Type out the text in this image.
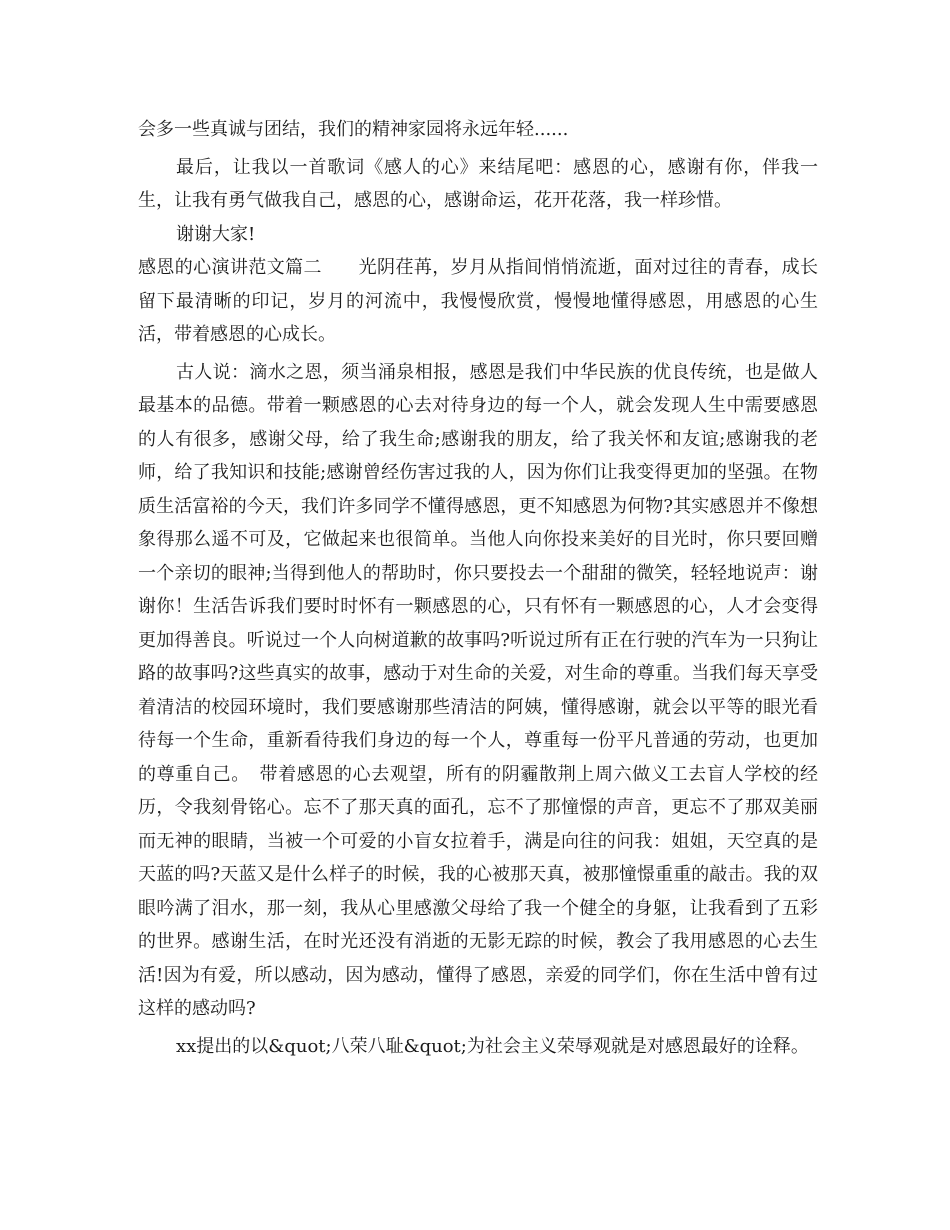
会多一些真诚与团结，我们的精神家园将永远年轻......

最后，让我以一首歌词《感人的心》来结尾吧：感恩的心，感谢有你，伴我一生，让我有勇气做我自己，感恩的心，感谢命运，花开花落，我一样珍惜。

谢谢大家!

感恩的心演讲范文篇二　　光阴荏苒，岁月从指间悄悄流逝，面对过往的青春，成长留下最清晰的印记，岁月的河流中，我慢慢欣赏，慢慢地懂得感恩，用感恩的心生活，带着感恩的心成长。

古人说：滴水之恩，须当涌泉相报，感恩是我们中华民族的优良传统，也是做人最基本的品德。带着一颗感恩的心去对待身边的每一个人，就会发现人生中需要感恩的人有很多，感谢父母，给了我生命;感谢我的朋友，给了我关怀和友谊;感谢我的老师，给了我知识和技能;感谢曾经伤害过我的人，因为你们让我变得更加的坚强。在物质生活富裕的今天，我们许多同学不懂得感恩，更不知感恩为何物?其实感恩并不像想象得那么遥不可及，它做起来也很简单。当他人向你投来美好的目光时，你只要回赠一个亲切的眼神;当得到他人的帮助时，你只要投去一个甜甜的微笑，轻轻地说声：谢谢你！生活告诉我们要时时怀有一颗感恩的心，只有怀有一颗感恩的心，人才会变得更加得善良。听说过一个人向树道歉的故事吗?听说过所有正在行驶的汽车为一只狗让路的故事吗?这些真实的故事，感动于对生命的关爱，对生命的尊重。当我们每天享受着清洁的校园环境时，我们要感谢那些清洁的阿姨，懂得感谢，就会以平等的眼光看待每一个生命，重新看待我们身边的每一个人，尊重每一份平凡普通的劳动，也更加的尊重自己。　带着感恩的心去观望，所有的阴霾散荆上周六做义工去盲人学校的经历，令我刻骨铭心。忘不了那天真的面孔，忘不了那憧憬的声音，更忘不了那双美丽而无神的眼睛，当被一个可爱的小盲女拉着手，满是向往的问我：姐姐，天空真的是天蓝的吗?天蓝又是什么样子的时候，我的心被那天真，被那憧憬重重的敲击。我的双眼吟满了泪水，那一刻，我从心里感激父母给了我一个健全的身躯，让我看到了五彩的世界。感谢生活，在时光还没有消逝的无影无踪的时候，教会了我用感恩的心去生活!因为有爱，所以感动，因为感动，懂得了感恩，亲爱的同学们，你在生活中曾有过这样的感动吗?

xx提出的以&quot;八荣八耻&quot;为社会主义荣辱观就是对感恩最好的诠释。
